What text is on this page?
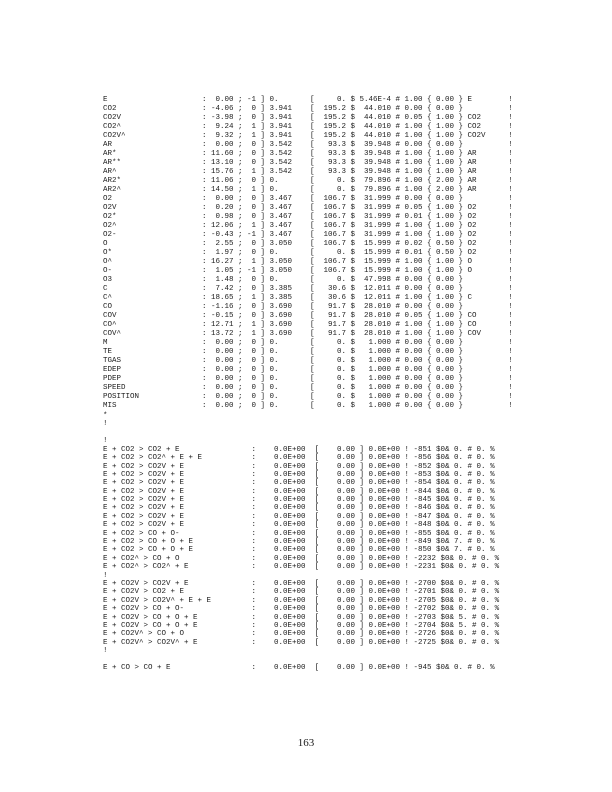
E                     :  0.00 ; -1 ] 0.       [     0. $ 5.46E-4 # 1.00 { 0.00 } E        !
CO2                   : -4.06 ;  0 ] 3.941    [  195.2 $  44.010 # 0.00 { 0.00 }          !
CO2V                  : -3.98 ;  0 ] 3.941    [  195.2 $  44.010 # 0.05 { 1.00 } CO2      !
CO2^                  :  9.24 ;  1 ] 3.941    [  195.2 $  44.010 # 1.00 { 1.00 } CO2      !
CO2V^                 :  9.32 ;  1 ] 3.941    [  195.2 $  44.010 # 1.00 { 1.00 } CO2V     !
AR                    :  0.00 ;  0 ] 3.542    [   93.3 $  39.948 # 0.00 { 0.00 }          !
AR*                   : 11.60 ;  0 ] 3.542    [   93.3 $  39.948 # 1.00 { 1.00 } AR       !
AR**                  : 13.10 ;  0 ] 3.542    [   93.3 $  39.948 # 1.00 { 1.00 } AR       !
AR^                   : 15.76 ;  1 ] 3.542    [   93.3 $  39.948 # 1.00 { 1.00 } AR       !
AR2*                  : 11.06 ;  0 ] 0.       [     0. $  79.896 # 1.00 { 2.00 } AR       !
AR2^                  : 14.50 ;  1 ] 0.       [     0. $  79.896 # 1.00 { 2.00 } AR       !
O2                    :  0.00 ;  0 ] 3.467    [  106.7 $  31.999 # 0.00 { 0.00 }          !
O2V                   :  0.20 ;  0 ] 3.467    [  106.7 $  31.999 # 0.05 { 1.00 } O2       !
O2*                   :  0.98 ;  0 ] 3.467    [  106.7 $  31.999 # 0.01 { 1.00 } O2       !
O2^                   : 12.06 ;  1 ] 3.467    [  106.7 $  31.999 # 1.00 { 1.00 } O2       !
O2-                   : -0.43 ; -1 ] 3.467    [  106.7 $  31.999 # 1.00 { 1.00 } O2       !
O                     :  2.55 ;  0 ] 3.050    [  106.7 $  15.999 # 0.02 { 0.50 } O2       !
O*                    :  1.97 ;  0 ] 0.       [     0. $  15.999 # 0.01 { 0.50 } O2       !
O^                    : 16.27 ;  1 ] 3.050    [  106.7 $  15.999 # 1.00 { 1.00 } O        !
O-                    :  1.05 ; -1 ] 3.050    [  106.7 $  15.999 # 1.00 { 1.00 } O        !
O3                    :  1.48 ;  0 ] 0.       [     0. $  47.998 # 0.00 { 0.00 }          !
C                     :  7.42 ;  0 ] 3.385    [   30.6 $  12.011 # 0.00 { 0.00 }          !
C^                    : 18.65 ;  1 ] 3.385    [   30.6 $  12.011 # 1.00 { 1.00 } C        !
CO                    : -1.16 ;  0 ] 3.690    [   91.7 $  28.010 # 0.00 { 0.00 }          !
COV                   : -0.15 ;  0 ] 3.690    [   91.7 $  28.010 # 0.05 { 1.00 } CO       !
CO^                   : 12.71 ;  1 ] 3.690    [   91.7 $  28.010 # 1.00 { 1.00 } CO       !
COV^                  : 13.72 ;  1 ] 3.690    [   91.7 $  28.010 # 1.00 { 1.00 } COV      !
M                     :  0.00 ;  0 ] 0.       [     0. $   1.000 # 0.00 { 0.00 }          !
TE                    :  0.00 ;  0 ] 0.       [     0. $   1.000 # 0.00 { 0.00 }          !
TGAS                  :  0.00 ;  0 ] 0.       [     0. $   1.000 # 0.00 { 0.00 }          !
EDEP                  :  0.00 ;  0 ] 0.       [     0. $   1.000 # 0.00 { 0.00 }          !
PDEP                  :  0.00 ;  0 ] 0.       [     0. $   1.000 # 0.00 { 0.00 }          !
SPEED                 :  0.00 ;  0 ] 0.       [     0. $   1.000 # 0.00 { 0.00 }          !
POSITION              :  0.00 ;  0 ] 0.       [     0. $   1.000 # 0.00 { 0.00 }          !
MIS                   :  0.00 ;  0 ] 0.       [     0. $   1.000 # 0.00 { 0.00 }          !
*
!

!
E + CO2 > CO2 + E                :    0.0E+00  [    0.00 ] 0.0E+00 ! -851 $0& 0. # 0. %
E + CO2 > CO2^ + E + E           :    0.0E+00  [    0.00 ] 0.0E+00 ! -856 $0& 0. # 0. %
E + CO2 > CO2V + E               :    0.0E+00  [    0.00 ] 0.0E+00 ! -852 $0& 0. # 0. %
E + CO2 > CO2V + E               :    0.0E+00  [    0.00 ] 0.0E+00 ! -853 $0& 0. # 0. %
E + CO2 > CO2V + E               :    0.0E+00  [    0.00 ] 0.0E+00 ! -854 $0& 0. # 0. %
E + CO2 > CO2V + E               :    0.0E+00  [    0.00 ] 0.0E+00 ! -844 $0& 0. # 0. %
E + CO2 > CO2V + E               :    0.0E+00  [    0.00 ] 0.0E+00 ! -845 $0& 0. # 0. %
E + CO2 > CO2V + E               :    0.0E+00  [    0.00 ] 0.0E+00 ! -846 $0& 0. # 0. %
E + CO2 > CO2V + E               :    0.0E+00  [    0.00 ] 0.0E+00 ! -847 $0& 0. # 0. %
E + CO2 > CO2V + E               :    0.0E+00  [    0.00 ] 0.0E+00 ! -848 $0& 0. # 0. %
E + CO2 > CO + O-                :    0.0E+00  [    0.00 ] 0.0E+00 ! -855 $0& 0. # 0. %
E + CO2 > CO + O + E             :    0.0E+00  [    0.00 ] 0.0E+00 ! -849 $0& 7. # 0. %
E + CO2 > CO + O + E             :    0.0E+00  [    0.00 ] 0.0E+00 ! -850 $0& 7. # 0. %
E + CO2^ > CO + O                :    0.0E+00  [    0.00 ] 0.0E+00 ! -2232 $0& 0. # 0. %
E + CO2^ > CO2^ + E              :    0.0E+00  [    0.00 ] 0.0E+00 ! -2231 $0& 0. # 0. %
!
E + CO2V > CO2V + E              :    0.0E+00  [    0.00 ] 0.0E+00 ! -2700 $0& 0. # 0. %
E + CO2V > CO2 + E               :    0.0E+00  [    0.00 ] 0.0E+00 ! -2701 $0& 0. # 0. %
E + CO2V > CO2V^ + E + E         :    0.0E+00  [    0.00 ] 0.0E+00 ! -2705 $0& 0. # 0. %
E + CO2V > CO + O-               :    0.0E+00  [    0.00 ] 0.0E+00 ! -2702 $0& 0. # 0. %
E + CO2V > CO + O + E            :    0.0E+00  [    0.00 ] 0.0E+00 ! -2703 $0& 5. # 0. %
E + CO2V > CO + O + E            :    0.0E+00  [    0.00 ] 0.0E+00 ! -2704 $0& 5. # 0. %
E + CO2V^ > CO + O               :    0.0E+00  [    0.00 ] 0.0E+00 ! -2726 $0& 0. # 0. %
E + CO2V^ > CO2V^ + E            :    0.0E+00  [    0.00 ] 0.0E+00 ! -2725 $0& 0. # 0. %
!

E + CO > CO + E                  :    0.0E+00  [    0.00 ] 0.0E+00 ! -945 $0& 0. # 0. %
163
